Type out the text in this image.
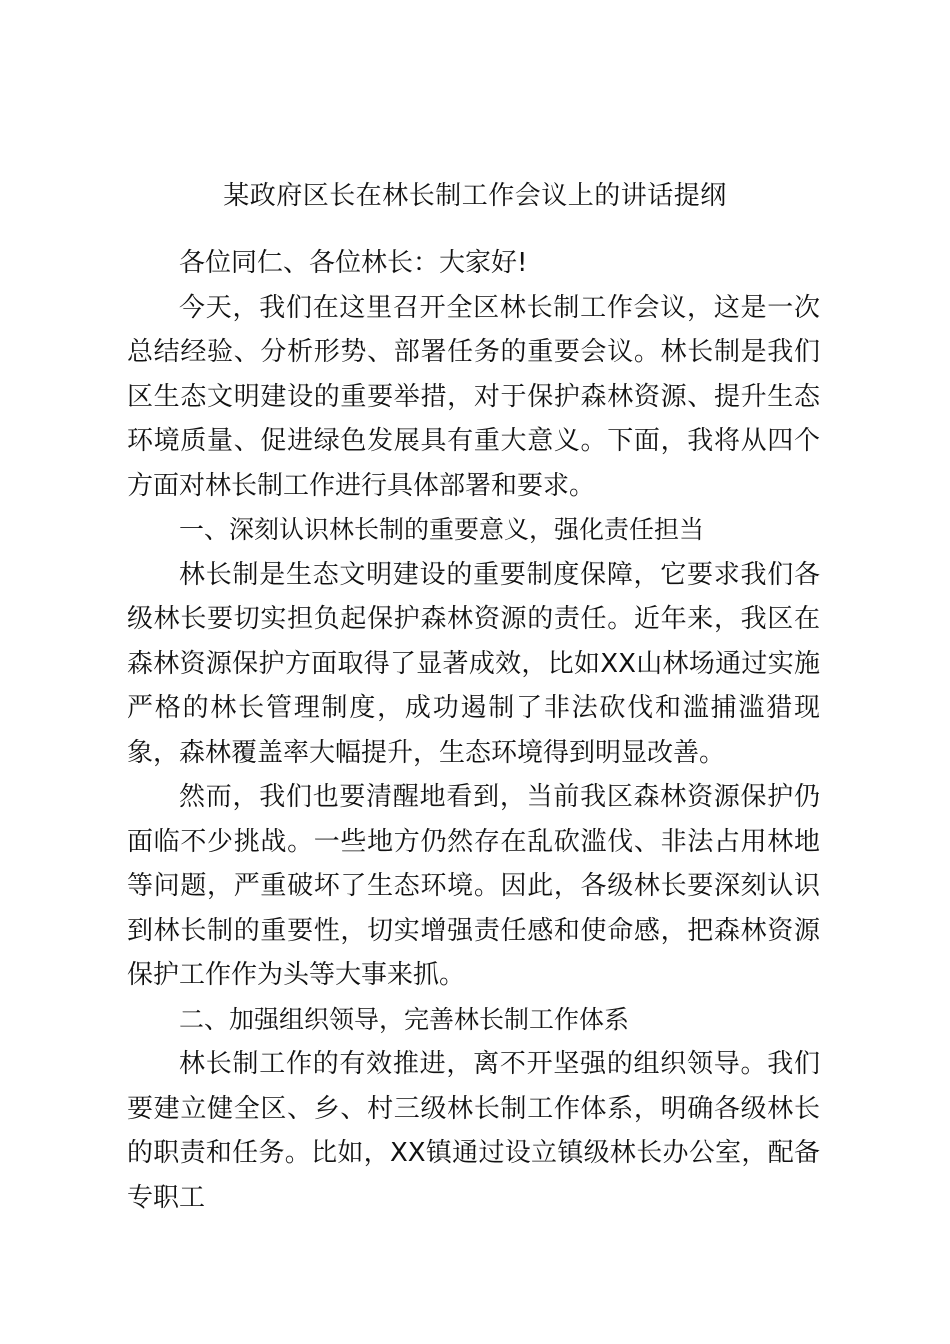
某政府区长在林长制工作会议上的讲话提纲

各位同仁、各位林长：大家好!

今天，我们在这里召开全区林长制工作会议，这是一次总结经验、分析形势、部署任务的重要会议。林长制是我们区生态文明建设的重要举措，对于保护森林资源、提升生态环境质量、促进绿色发展具有重大意义。下面，我将从四个方面对林长制工作进行具体部署和要求。

一、深刻认识林长制的重要意义，强化责任担当

林长制是生态文明建设的重要制度保障，它要求我们各级林长要切实担负起保护森林资源的责任。近年来，我区在森林资源保护方面取得了显著成效，比如XX山林场通过实施严格的林长管理制度，成功遏制了非法砍伐和滥捕滥猎现象，森林覆盖率大幅提升，生态环境得到明显改善。

然而，我们也要清醒地看到，当前我区森林资源保护仍面临不少挑战。一些地方仍然存在乱砍滥伐、非法占用林地等问题，严重破坏了生态环境。因此，各级林长要深刻认识到林长制的重要性，切实增强责任感和使命感，把森林资源保护工作作为头等大事来抓。

二、加强组织领导，完善林长制工作体系

林长制工作的有效推进，离不开坚强的组织领导。我们要建立健全区、乡、村三级林长制工作体系，明确各级林长的职责和任务。比如，XX镇通过设立镇级林长办公室，配备专职工
